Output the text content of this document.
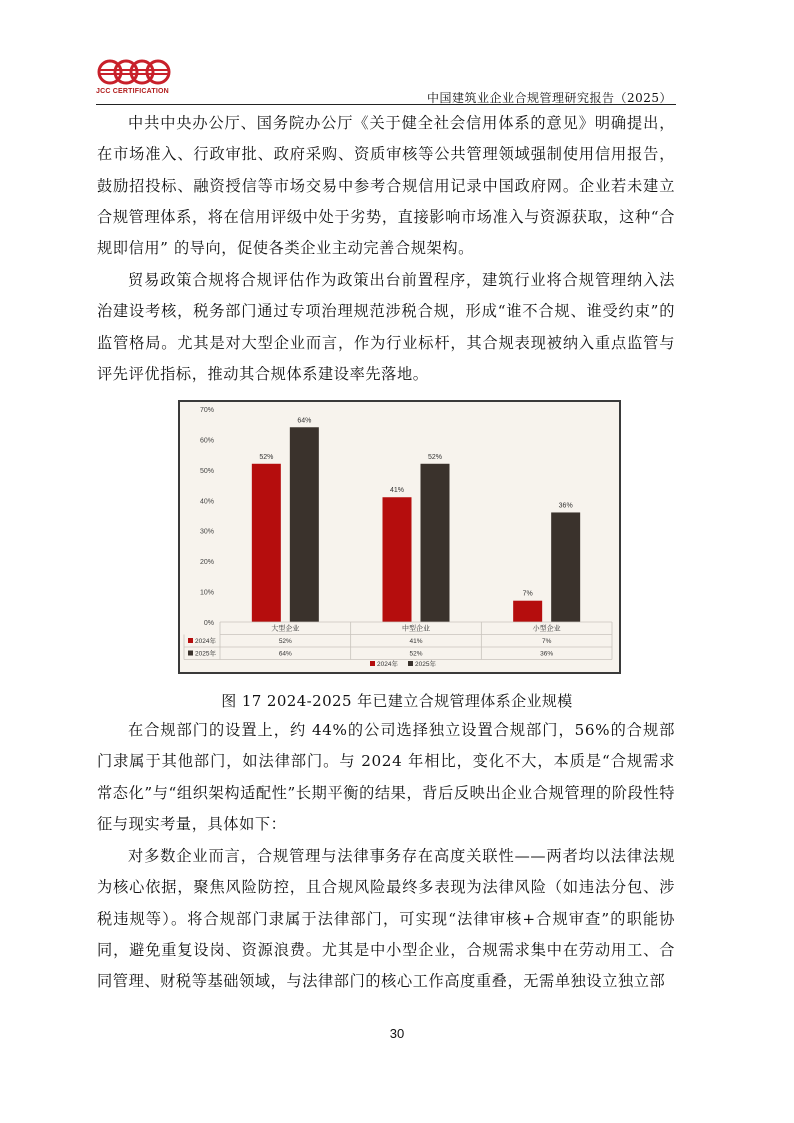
JCC CERTIFICATION	中国建筑业企业合规管理研究报告（2025）

中共中央办公厅、国务院办公厅《关于健全社会信用体系的意见》明确提出，在市场准入、行政审批、政府采购、资质审核等公共管理领域强制使用信用报告，鼓励招投标、融资授信等市场交易中参考合规信用记录中国政府网。企业若未建立合规管理体系，将在信用评级中处于劣势，直接影响市场准入与资源获取，这种“合规即信用” 的导向，促使各类企业主动完善合规架构。

贸易政策合规将合规评估作为政策出台前置程序，建筑行业将合规管理纳入法治建设考核，税务部门通过专项治理规范涉税合规，形成“谁不合规、谁受约束”的监管格局。尤其是对大型企业而言，作为行业标杆，其合规表现被纳入重点监管与评先评优指标，推动其合规体系建设率先落地。

0%
10%
20%
30%
40%
50%
60%
70%
52%
64%
41%
52%
7%
36%
大型企业	中型企业	小型企业
2024年	52%	41%	7%
2025年	64%	52%	36%
2024年	2025年
图 17 2024-2025 年已建立合规管理体系企业规模

在合规部门的设置上，约 44%的公司选择独立设置合规部门，56%的合规部门隶属于其他部门，如法律部门。与 2024 年相比，变化不大，本质是“合规需求常态化”与“组织架构适配性”长期平衡的结果，背后反映出企业合规管理的阶段性特征与现实考量，具体如下：

对多数企业而言，合规管理与法律事务存在高度关联性——两者均以法律法规为核心依据，聚焦风险防控，且合规风险最终多表现为法律风险（如违法分包、涉税违规等）。将合规部门隶属于法律部门，可实现“法律审核+合规审查”的职能协同，避免重复设岗、资源浪费。尤其是中小型企业，合规需求集中在劳动用工、合同管理、财税等基础领域，与法律部门的核心工作高度重叠，无需单独设立独立部

30
